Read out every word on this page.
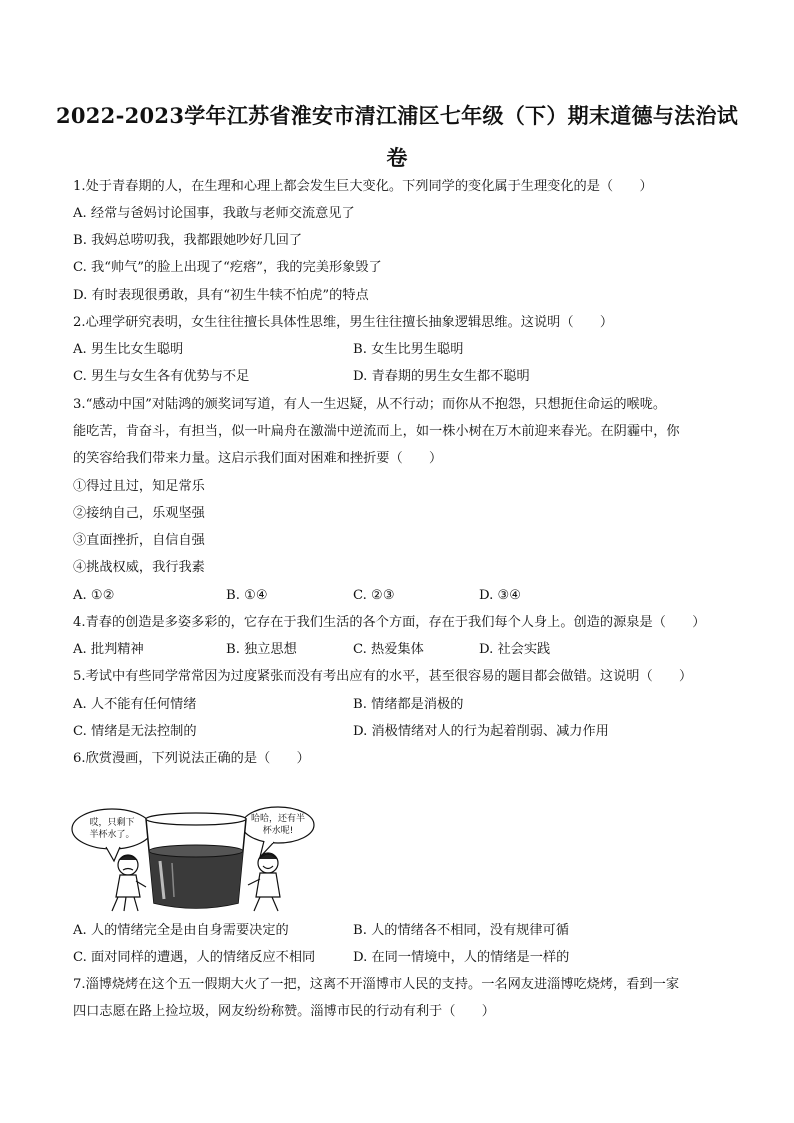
2022-2023学年江苏省淮安市清江浦区七年级（下）期末道德与法治试
卷
1.处于青春期的人，在生理和心理上都会发生巨大变化。下列同学的变化属于生理变化的是（　　）
A. 经常与爸妈讨论国事，我敢与老师交流意见了
B. 我妈总唠叨我，我都跟她吵好几回了
C. 我“帅气”的脸上出现了“疙瘩”，我的完美形象毁了
D. 有时表现很勇敢，具有“初生牛犊不怕虎”的特点
2.心理学研究表明，女生往往擅长具体性思维，男生往往擅长抽象逻辑思维。这说明（　　）
A. 男生比女生聪明	B. 女生比男生聪明
C. 男生与女生各有优势与不足	D. 青春期的男生女生都不聪明
3.“感动中国”对陆鸿的颁奖词写道，有人一生迟疑，从不行动；而你从不抱怨，只想扼住命运的喉咙。
能吃苦，肯奋斗，有担当，似一叶扁舟在激湍中逆流而上，如一株小树在万木前迎来春光。在阴霾中，你
的笑容给我们带来力量。这启示我们面对困难和挫折要（　　）
①得过且过，知足常乐
②接纳自己，乐观坚强
③直面挫折，自信自强
④挑战权威，我行我素
A. ①②	B. ①④	C. ②③	D. ③④
4.青春的创造是多姿多彩的，它存在于我们生活的各个方面，存在于我们每个人身上。创造的源泉是（　　）
A. 批判精神	B. 独立思想	C. 热爱集体	D. 社会实践
5.考试中有些同学常常因为过度紧张而没有考出应有的水平，甚至很容易的题目都会做错。这说明（　　）
A. 人不能有任何情绪	B. 情绪都是消极的
C. 情绪是无法控制的	D. 消极情绪对人的行为起着削弱、减力作用
6.欣赏漫画，下列说法正确的是（　　）
哎，只剩下
半杯水了。
哈哈，还有半
杯水呢!
A. 人的情绪完全是由自身需要决定的	B. 人的情绪各不相同，没有规律可循
C. 面对同样的遭遇，人的情绪反应不相同	D. 在同一情境中，人的情绪是一样的
7.淄博烧烤在这个五一假期大火了一把，这离不开淄博市人民的支持。一名网友进淄博吃烧烤，看到一家
四口志愿在路上捡垃圾，网友纷纷称赞。淄博市民的行动有利于（　　）
